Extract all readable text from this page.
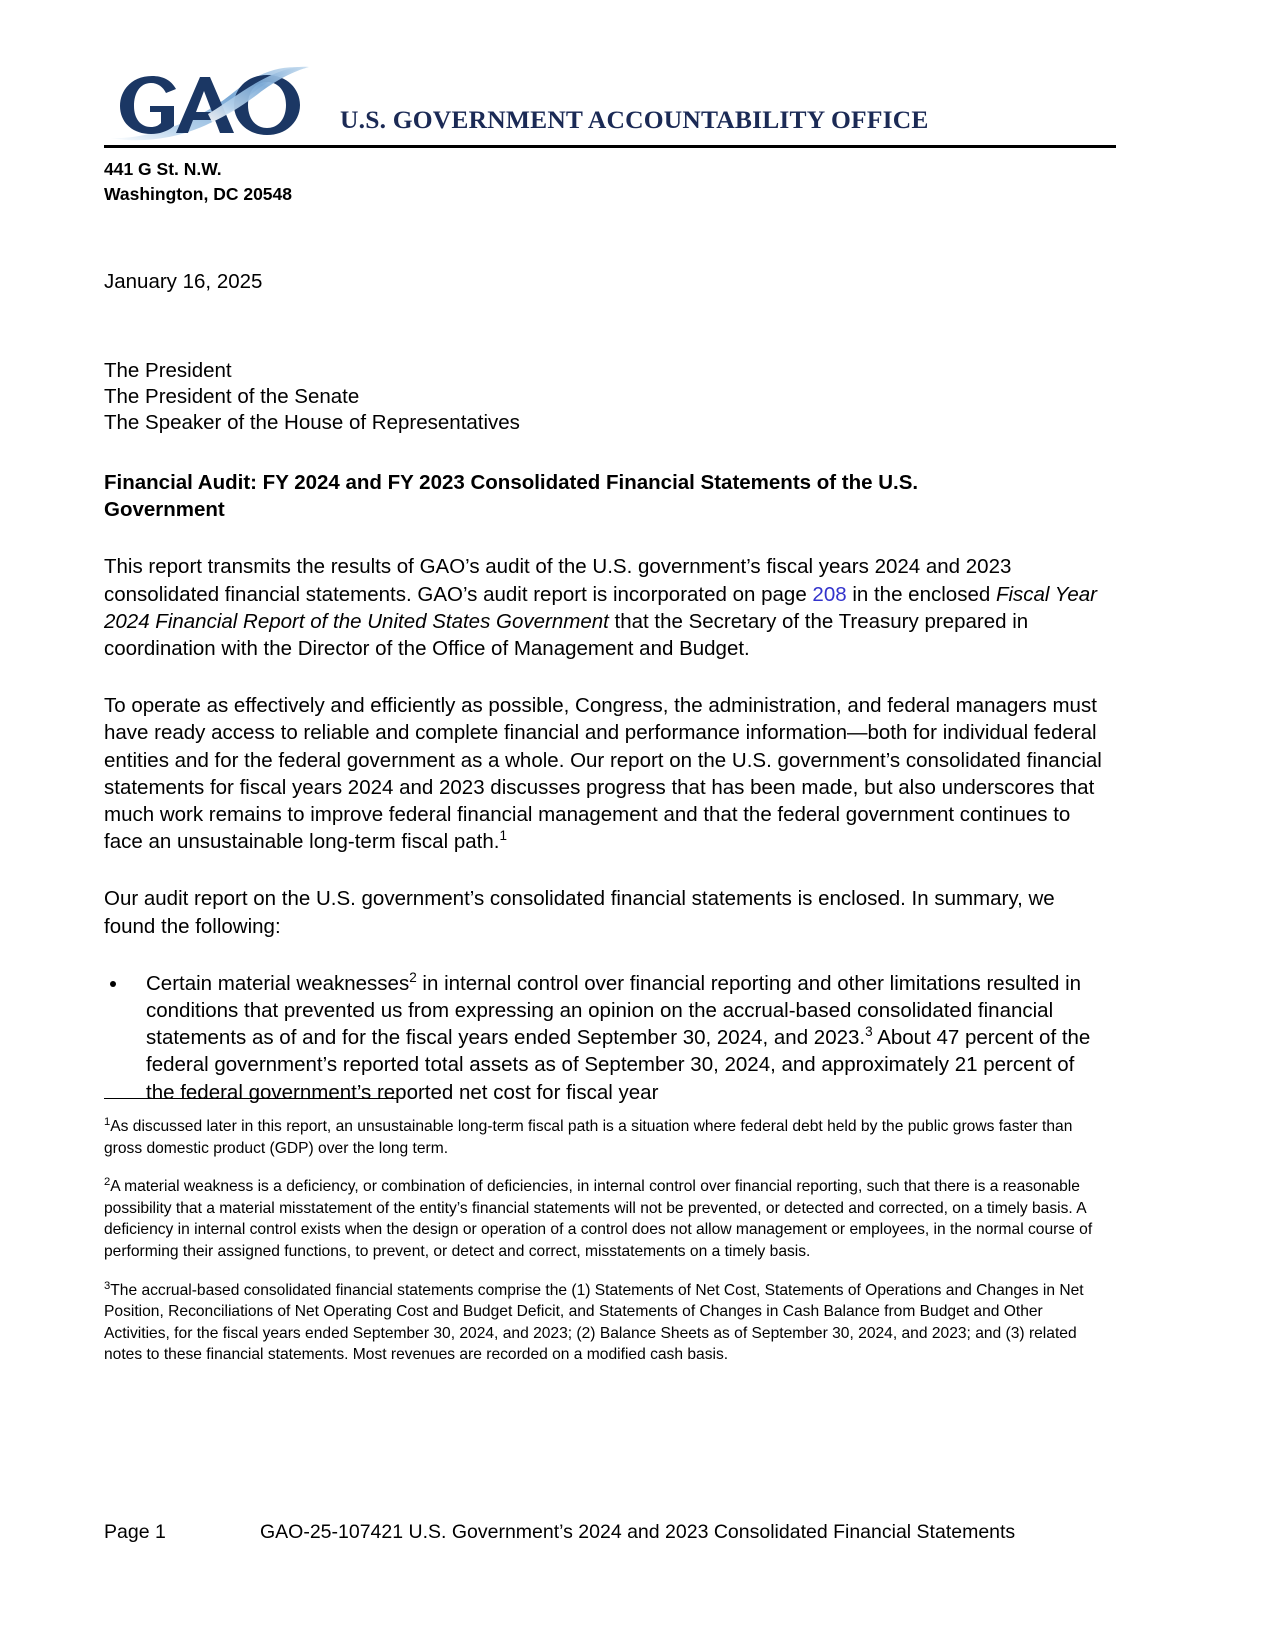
U.S. GOVERNMENT ACCOUNTABILITY OFFICE
441 G St. N.W.
Washington, DC 20548
January 16, 2025
The President
The President of the Senate
The Speaker of the House of Representatives
Financial Audit: FY 2024 and FY 2023 Consolidated Financial Statements of the U.S. Government

This report transmits the results of GAO’s audit of the U.S. government’s fiscal years 2024 and 2023 consolidated financial statements. GAO’s audit report is incorporated on page 208 in the enclosed Fiscal Year 2024 Financial Report of the United States Government that the Secretary of the Treasury prepared in coordination with the Director of the Office of Management and Budget.

To operate as effectively and efficiently as possible, Congress, the administration, and federal managers must have ready access to reliable and complete financial and performance information—both for individual federal entities and for the federal government as a whole. Our report on the U.S. government’s consolidated financial statements for fiscal years 2024 and 2023 discusses progress that has been made, but also underscores that much work remains to improve federal financial management and that the federal government continues to face an unsustainable long-term fiscal path.$^1$

Our audit report on the U.S. government’s consolidated financial statements is enclosed. In summary, we found the following:

Certain material weaknesses$^2$ in internal control over financial reporting and other limitations resulted in conditions that prevented us from expressing an opinion on the accrual-based consolidated financial statements as of and for the fiscal years ended September 30, 2024, and 2023.$^3$ About 47 percent of the federal government’s reported total assets as of September 30, 2024, and approximately 21 percent of the federal government’s reported net cost for fiscal year

$^1$As discussed later in this report, an unsustainable long-term fiscal path is a situation where federal debt held by the public grows faster than gross domestic product (GDP) over the long term.

$^2$A material weakness is a deficiency, or combination of deficiencies, in internal control over financial reporting, such that there is a reasonable possibility that a material misstatement of the entity’s financial statements will not be prevented, or detected and corrected, on a timely basis. A deficiency in internal control exists when the design or operation of a control does not allow management or employees, in the normal course of performing their assigned functions, to prevent, or detect and correct, misstatements on a timely basis.

$^3$The accrual-based consolidated financial statements comprise the (1) Statements of Net Cost, Statements of Operations and Changes in Net Position, Reconciliations of Net Operating Cost and Budget Deficit, and Statements of Changes in Cash Balance from Budget and Other Activities, for the fiscal years ended September 30, 2024, and 2023; (2) Balance Sheets as of September 30, 2024, and 2023; and (3) related notes to these financial statements. Most revenues are recorded on a modified cash basis.

Page 1	GAO-25-107421 U.S. Government’s 2024 and 2023 Consolidated Financial Statements
